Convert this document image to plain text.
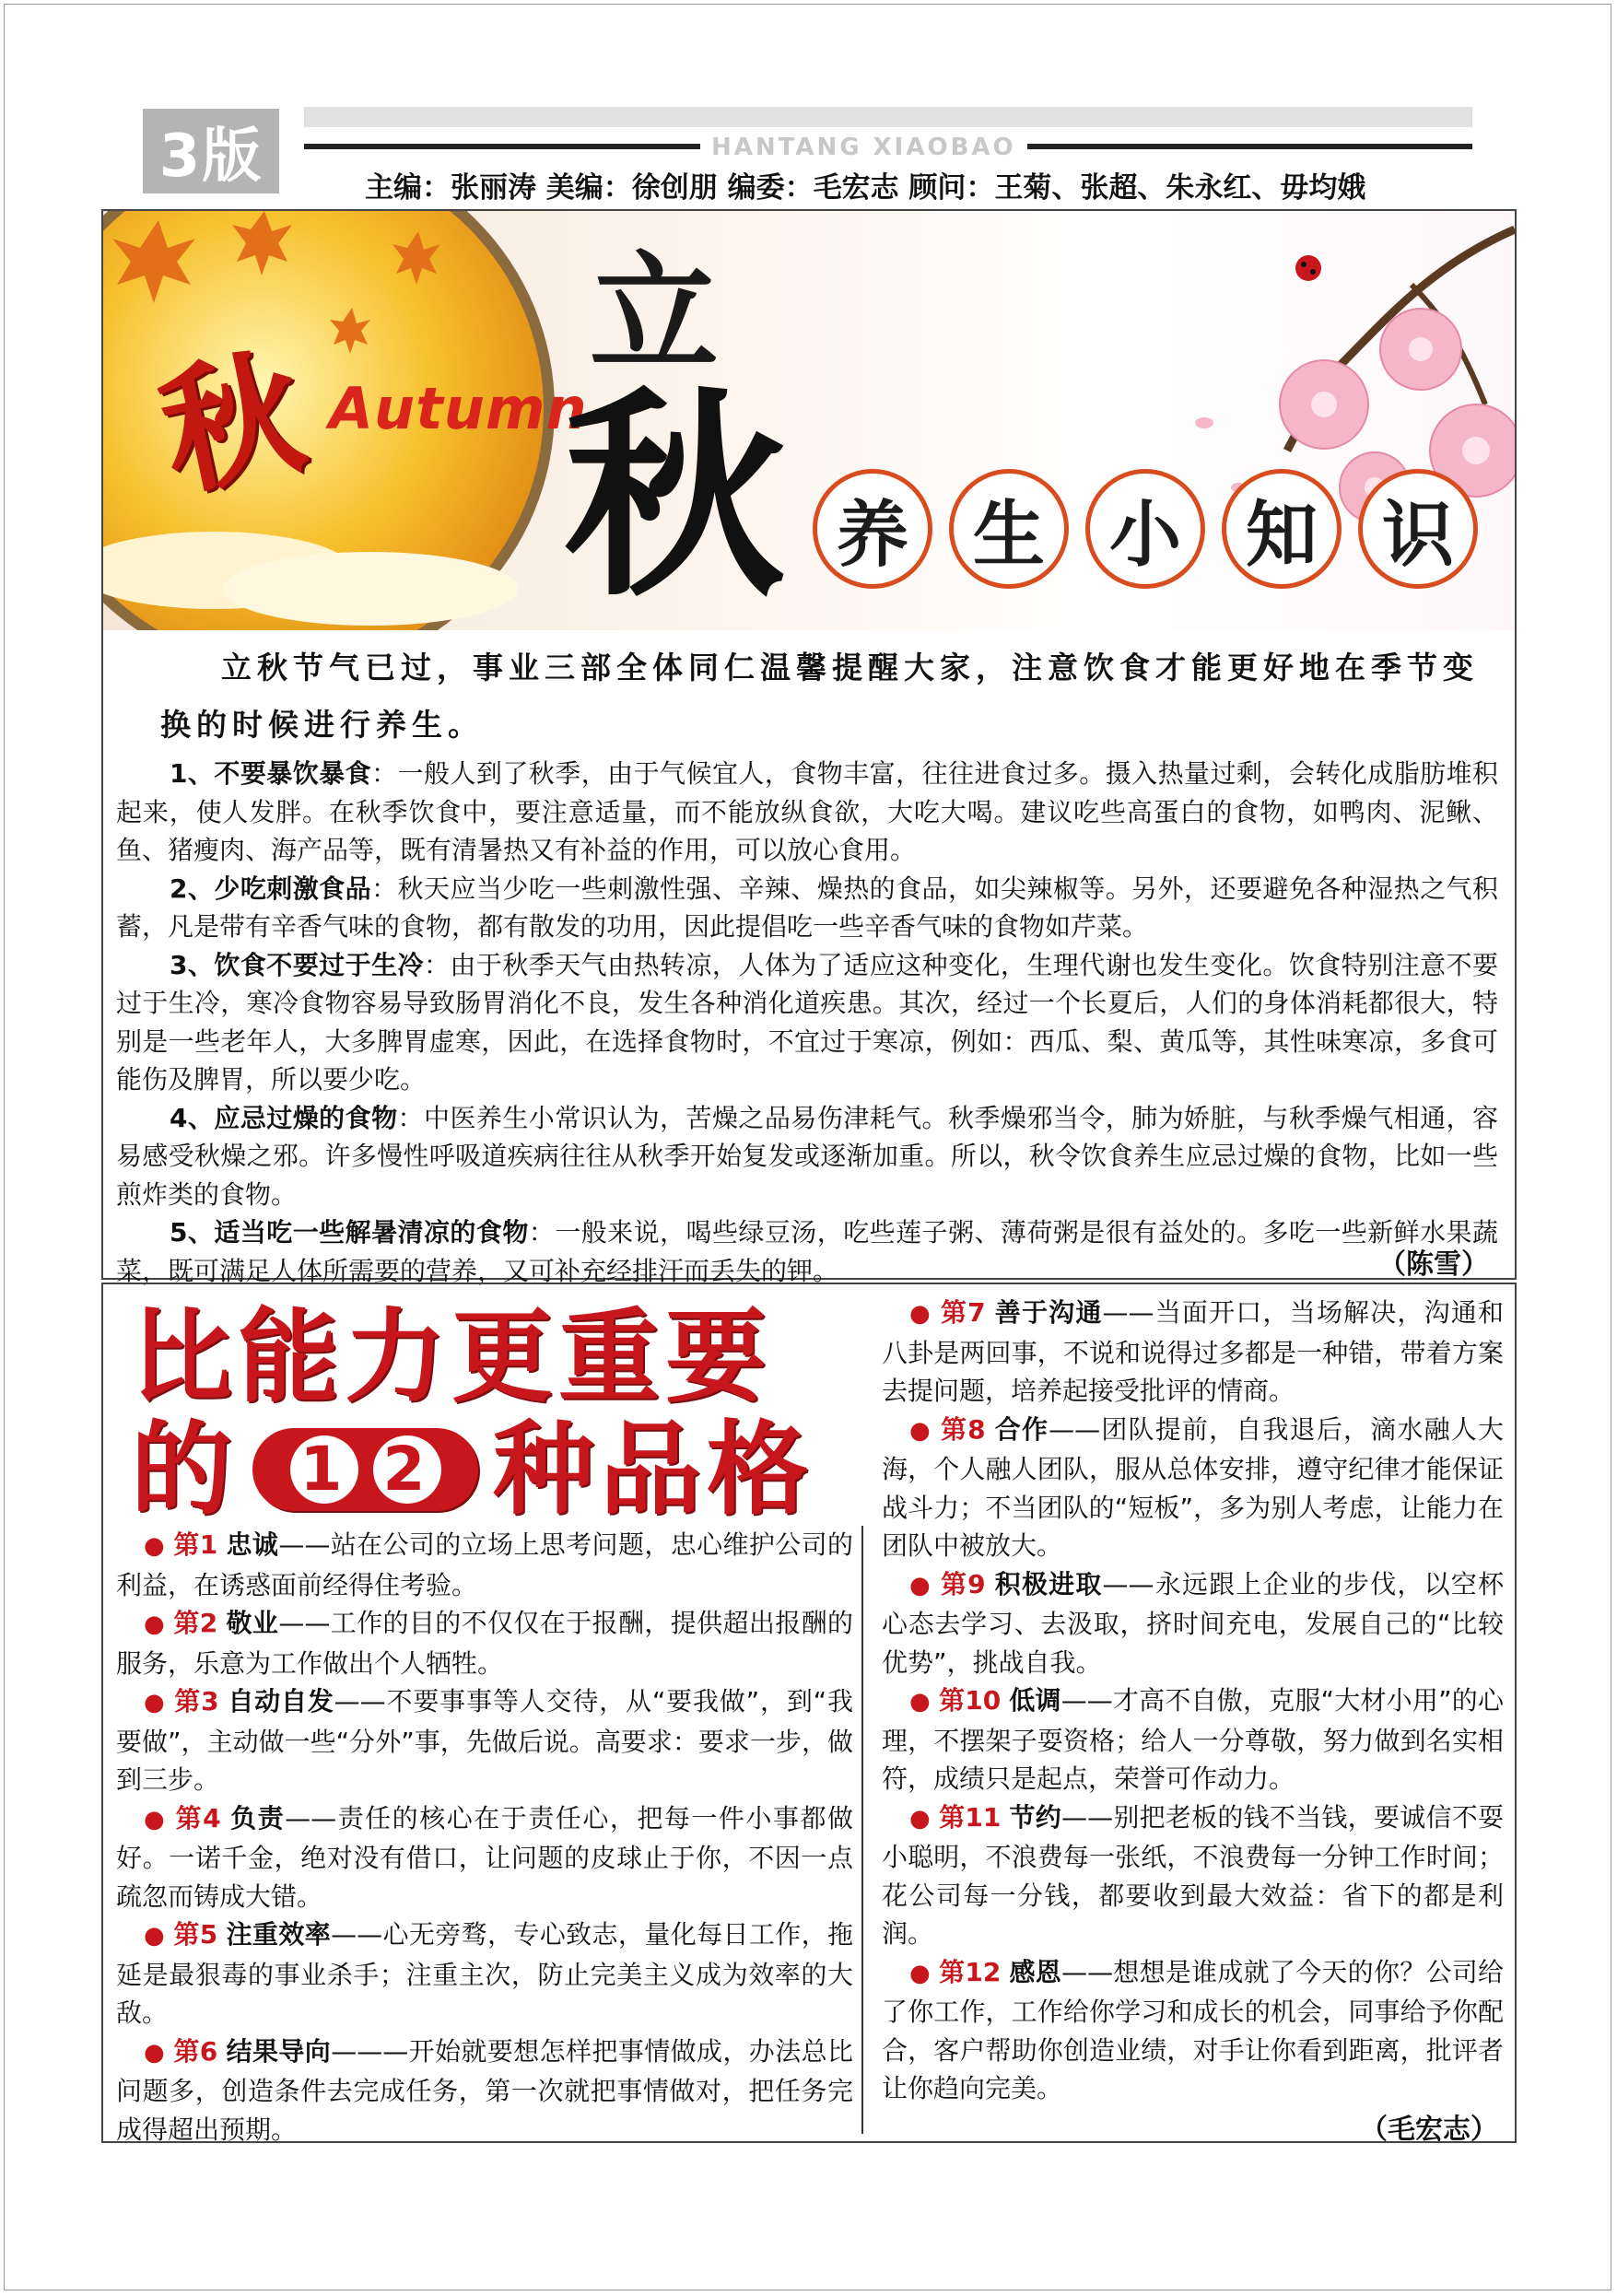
3版	HANTANG XIAOBAO
主编：张丽涛 美编：徐创朋 编委：毛宏志 顾问：王菊、张超、朱永红、毋均娥
秋 Autumn
立
秋 养 生 小 知 识
立秋节气已过，事业三部全体同仁温馨提醒大家，注意饮食才能更好地在季节变换的时候进行养生。

1、不要暴饮暴食：一般人到了秋季，由于气候宜人，食物丰富，往往进食过多。摄入热量过剩，会转化成脂肪堆积起来，使人发胖。在秋季饮食中，要注意适量，而不能放纵食欲，大吃大喝。建议吃些高蛋白的食物，如鸭肉、泥鳅、鱼、猪瘦肉、海产品等，既有清暑热又有补益的作用，可以放心食用。

2、少吃刺激食品：秋天应当少吃一些刺激性强、辛辣、燥热的食品，如尖辣椒等。另外，还要避免各种湿热之气积蓄，凡是带有辛香气味的食物，都有散发的功用，因此提倡吃一些辛香气味的食物如芹菜。

3、饮食不要过于生冷：由于秋季天气由热转凉，人体为了适应这种变化，生理代谢也发生变化。饮食特别注意不要过于生冷，寒冷食物容易导致肠胃消化不良，发生各种消化道疾患。其次，经过一个长夏后，人们的身体消耗都很大，特别是一些老年人，大多脾胃虚寒，因此，在选择食物时，不宜过于寒凉，例如：西瓜、梨、黄瓜等，其性味寒凉，多食可能伤及脾胃，所以要少吃。

4、应忌过燥的食物：中医养生小常识认为，苦燥之品易伤津耗气。秋季燥邪当令，肺为娇脏，与秋季燥气相通，容易感受秋燥之邪。许多慢性呼吸道疾病往往从秋季开始复发或逐渐加重。所以，秋令饮食养生应忌过燥的食物，比如一些煎炸类的食物。

5、适当吃一些解暑清凉的食物：一般来说，喝些绿豆汤，吃些莲子粥、薄荷粥是很有益处的。多吃一些新鲜水果蔬菜，既可满足人体所需要的营养，又可补充经排汗而丢失的钾。	（陈雪）
比能力更重要
的 1 2 种品格

● 第1 忠诚——站在公司的立场上思考问题，忠心维护公司的利益，在诱惑面前经得住考验。

● 第2 敬业——工作的目的不仅仅在于报酬，提供超出报酬的服务，乐意为工作做出个人牺牲。

● 第3 自动自发——不要事事等人交待，从“要我做”，到“我要做”，主动做一些“分外”事，先做后说。高要求：要求一步，做到三步。

● 第4 负责——责任的核心在于责任心，把每一件小事都做好。一诺千金，绝对没有借口，让问题的皮球止于你，不因一点疏忽而铸成大错。

● 第5 注重效率——心无旁骛，专心致志，量化每日工作，拖延是最狠毒的事业杀手；注重主次，防止完美主义成为效率的大敌。

● 第6 结果导向———开始就要想怎样把事情做成，办法总比问题多，创造条件去完成任务，第一次就把事情做对，把任务完成得超出预期。

● 第7 善于沟通——当面开口，当场解决，沟通和八卦是两回事，不说和说得过多都是一种错，带着方案去提问题，培养起接受批评的情商。

● 第8 合作——团队提前，自我退后，滴水融人大海，个人融人团队，服从总体安排，遵守纪律才能保证战斗力；不当团队的“短板”，多为别人考虑，让能力在团队中被放大。

● 第9 积极进取——永远跟上企业的步伐，以空杯心态去学习、去汲取，挤时间充电，发展自己的“比较优势”，挑战自我。

● 第10 低调——才高不自傲，克服“大材小用”的心理，不摆架子耍资格；给人一分尊敬，努力做到名实相符，成绩只是起点，荣誉可作动力。

● 第11 节约——别把老板的钱不当钱，要诚信不耍小聪明，不浪费每一张纸，不浪费每一分钟工作时间；花公司每一分钱，都要收到最大效益：省下的都是利润。

● 第12 感恩——想想是谁成就了今天的你？公司给了你工作，工作给你学习和成长的机会，同事给予你配合，客户帮助你创造业绩，对手让你看到距离，批评者让你趋向完美。

（毛宏志）
